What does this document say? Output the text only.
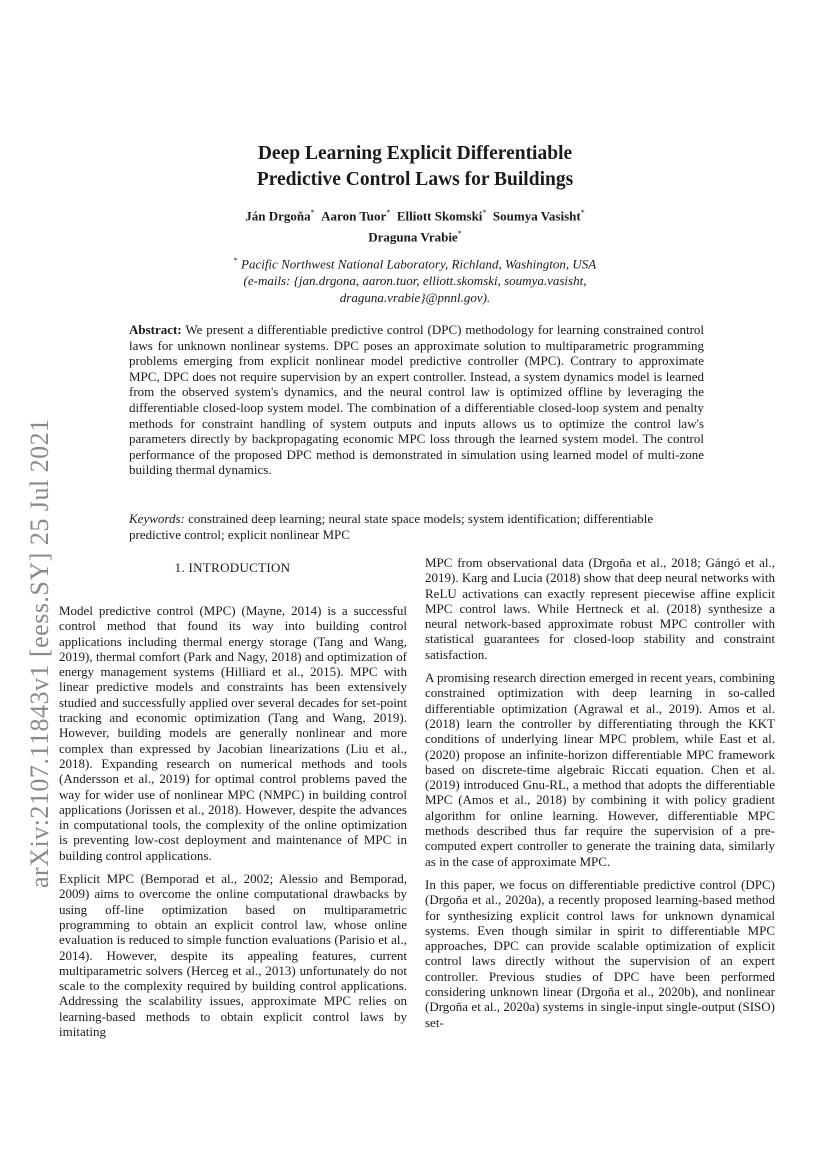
arXiv:2107.11843v1 [eess.SY] 25 Jul 2021
Deep Learning Explicit Differentiable
Predictive Control Laws for Buildings
Ján Drgoňa* Aaron Tuor* Elliott Skomski* Soumya Vasisht*
Draguna Vrabie*
* Pacific Northwest National Laboratory, Richland, Washington, USA
(e-mails: {jan.drgona, aaron.tuor, elliott.skomski, soumya.vasisht,
draguna.vrabie}@pnnl.gov).
Abstract: We present a differentiable predictive control (DPC) methodology for learning constrained control laws for unknown nonlinear systems. DPC poses an approximate solution to multiparametric programming problems emerging from explicit nonlinear model predictive controller (MPC). Contrary to approximate MPC, DPC does not require supervision by an expert controller. Instead, a system dynamics model is learned from the observed system's dynamics, and the neural control law is optimized offline by leveraging the differentiable closed-loop system model. The combination of a differentiable closed-loop system and penalty methods for constraint handling of system outputs and inputs allows us to optimize the control law's parameters directly by backpropagating economic MPC loss through the learned system model. The control performance of the proposed DPC method is demonstrated in simulation using learned model of multi-zone building thermal dynamics.
Keywords: constrained deep learning; neural state space models; system identification; differentiable predictive control; explicit nonlinear MPC
1. INTRODUCTION

Model predictive control (MPC) (Mayne, 2014) is a successful control method that found its way into building control applications including thermal energy storage (Tang and Wang, 2019), thermal comfort (Park and Nagy, 2018) and optimization of energy management systems (Hilliard et al., 2015). MPC with linear predictive models and constraints has been extensively studied and successfully applied over several decades for set-point tracking and economic optimization (Tang and Wang, 2019). However, building models are generally nonlinear and more complex than expressed by Jacobian linearizations (Liu et al., 2018). Expanding research on numerical methods and tools (Andersson et al., 2019) for optimal control problems paved the way for wider use of nonlinear MPC (NMPC) in building control applications (Jorissen et al., 2018). However, despite the advances in computational tools, the complexity of the online optimization is preventing low-cost deployment and maintenance of MPC in building control applications.

Explicit MPC (Bemporad et al., 2002; Alessio and Bemporad, 2009) aims to overcome the online computational drawbacks by using off-line optimization based on multiparametric programming to obtain an explicit control law, whose online evaluation is reduced to simple function evaluations (Parisio et al., 2014). However, despite its appealing features, current multiparametric solvers (Herceg et al., 2013) unfortunately do not scale to the complexity required by building control applications. Addressing the scalability issues, approximate MPC relies on learning-based methods to obtain explicit control laws by imitating

MPC from observational data (Drgoňa et al., 2018; Gángó et al., 2019). Karg and Lucia (2018) show that deep neural networks with ReLU activations can exactly represent piecewise affine explicit MPC control laws. While Hertneck et al. (2018) synthesize a neural network-based approximate robust MPC controller with statistical guarantees for closed-loop stability and constraint satisfaction.

A promising research direction emerged in recent years, combining constrained optimization with deep learning in so-called differentiable optimization (Agrawal et al., 2019). Amos et al. (2018) learn the controller by differentiating through the KKT conditions of underlying linear MPC problem, while East et al. (2020) propose an infinite-horizon differentiable MPC framework based on discrete-time algebraic Riccati equation. Chen et al. (2019) introduced Gnu-RL, a method that adopts the differentiable MPC (Amos et al., 2018) by combining it with policy gradient algorithm for online learning. However, differentiable MPC methods described thus far require the supervision of a pre-computed expert controller to generate the training data, similarly as in the case of approximate MPC.

In this paper, we focus on differentiable predictive control (DPC) (Drgoňa et al., 2020a), a recently proposed learning-based method for synthesizing explicit control laws for unknown dynamical systems. Even though similar in spirit to differentiable MPC approaches, DPC can provide scalable optimization of explicit control laws directly without the supervision of an expert controller. Previous studies of DPC have been performed considering unknown linear (Drgoňa et al., 2020b), and nonlinear (Drgoňa et al., 2020a) systems in single-input single-output (SISO) set-
